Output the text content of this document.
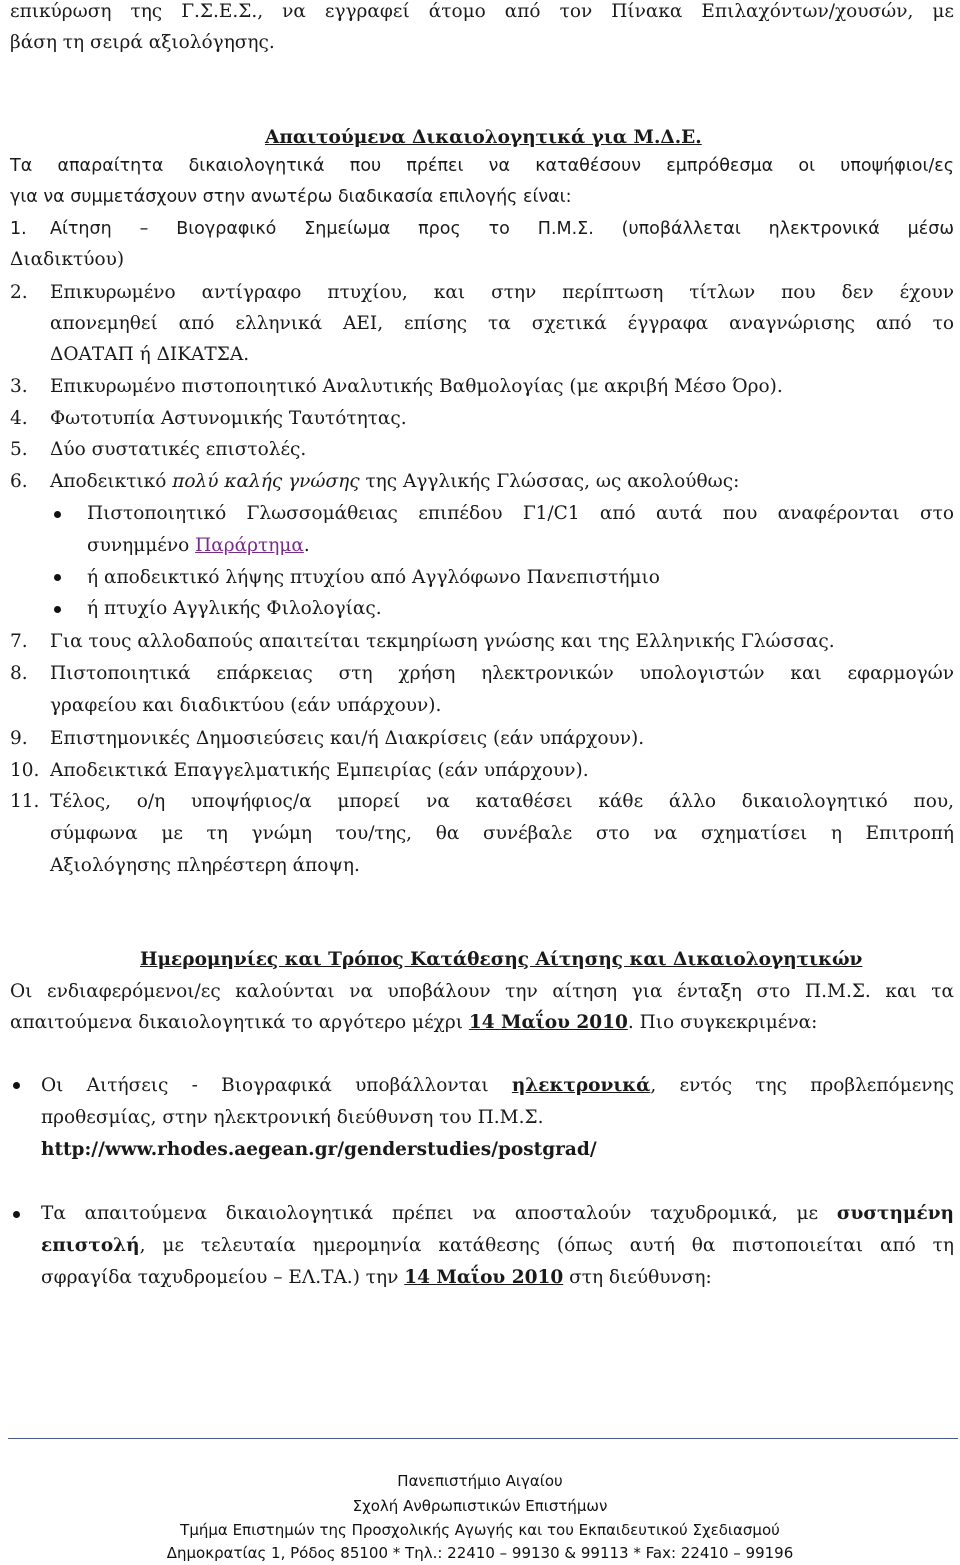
επικύρωση της Γ.Σ.Ε.Σ., να εγγραφεί άτομο από τον Πίνακα Επιλαχόντων/χουσών, με
βάση τη σειρά αξιολόγησης.
Απαιτούμενα Δικαιολογητικά για Μ.Δ.Ε.
Τα απαραίτητα δικαιολογητικά που πρέπει να καταθέσουν εμπρόθεσμα οι υποψήφιοι/ες
για να συμμετάσχουν στην ανωτέρω διαδικασία επιλογής είναι:
1. Αίτηση – Βιογραφικό Σημείωμα προς το Π.Μ.Σ. (υποβάλλεται ηλεκτρονικά μέσω
Διαδικτύου)
2. Επικυρωμένο αντίγραφο πτυχίου, και στην περίπτωση τίτλων που δεν έχουν
απονεμηθεί από ελληνικά ΑΕΙ, επίσης τα σχετικά έγγραφα αναγνώρισης από το
ΔΟΑΤΑΠ ή ΔΙΚΑΤΣΑ.
3. Επικυρωμένο πιστοποιητικό Αναλυτικής Βαθμολογίας (με ακριβή Μέσο Όρο).
4. Φωτοτυπία Αστυνομικής Ταυτότητας.
5. Δύο συστατικές επιστολές.
6. Αποδεικτικό πολύ καλής γνώσης της Αγγλικής Γλώσσας, ως ακολούθως:
Πιστοποιητικό Γλωσσομάθειας επιπέδου Γ1/C1 από αυτά που αναφέρονται στο
συνημμένο Παράρτημα.
ή αποδεικτικό λήψης πτυχίου από Αγγλόφωνο Πανεπιστήμιο
ή πτυχίο Αγγλικής Φιλολογίας.
7. Για τους αλλοδαπούς απαιτείται τεκμηρίωση γνώσης και της Ελληνικής Γλώσσας.
8. Πιστοποιητικά επάρκειας στη χρήση ηλεκτρονικών υπολογιστών και εφαρμογών
γραφείου και διαδικτύου (εάν υπάρχουν).
9. Επιστημονικές Δημοσιεύσεις και/ή Διακρίσεις (εάν υπάρχουν).
10. Αποδεικτικά Επαγγελματικής Εμπειρίας (εάν υπάρχουν).
11. Τέλος, ο/η υποψήφιος/α μπορεί να καταθέσει κάθε άλλο δικαιολογητικό που,
σύμφωνα με τη γνώμη του/της, θα συνέβαλε στο να σχηματίσει η Επιτροπή
Αξιολόγησης πληρέστερη άποψη.
Ημερομηνίες και Τρόπος Κατάθεσης Αίτησης και Δικαιολογητικών
Οι ενδιαφερόμενοι/ες καλούνται να υποβάλουν την αίτηση για ένταξη στο Π.Μ.Σ. και τα
απαιτούμενα δικαιολογητικά το αργότερο μέχρι 14 Μαΐου 2010. Πιο συγκεκριμένα:
Οι Αιτήσεις - Βιογραφικά υποβάλλονται ηλεκτρονικά, εντός της προβλεπόμενης
προθεσμίας, στην ηλεκτρονική διεύθυνση του Π.Μ.Σ.
http://www.rhodes.aegean.gr/genderstudies/postgrad/
Τα απαιτούμενα δικαιολογητικά πρέπει να αποσταλούν ταχυδρομικά, με συστημένη
επιστολή, με τελευταία ημερομηνία κατάθεσης (όπως αυτή θα πιστοποιείται από τη
σφραγίδα ταχυδρομείου – ΕΛ.ΤΑ.) την 14 Μαΐου 2010 στη διεύθυνση:
Πανεπιστήμιο Αιγαίου
Σχολή Ανθρωπιστικών Επιστήμων
Τμήμα Επιστημών της Προσχολικής Αγωγής και του Εκπαιδευτικού Σχεδιασμού
Δημοκρατίας 1, Ρόδος 85100 * Τηλ.: 22410 – 99130 & 99113 * Fax: 22410 – 99196
